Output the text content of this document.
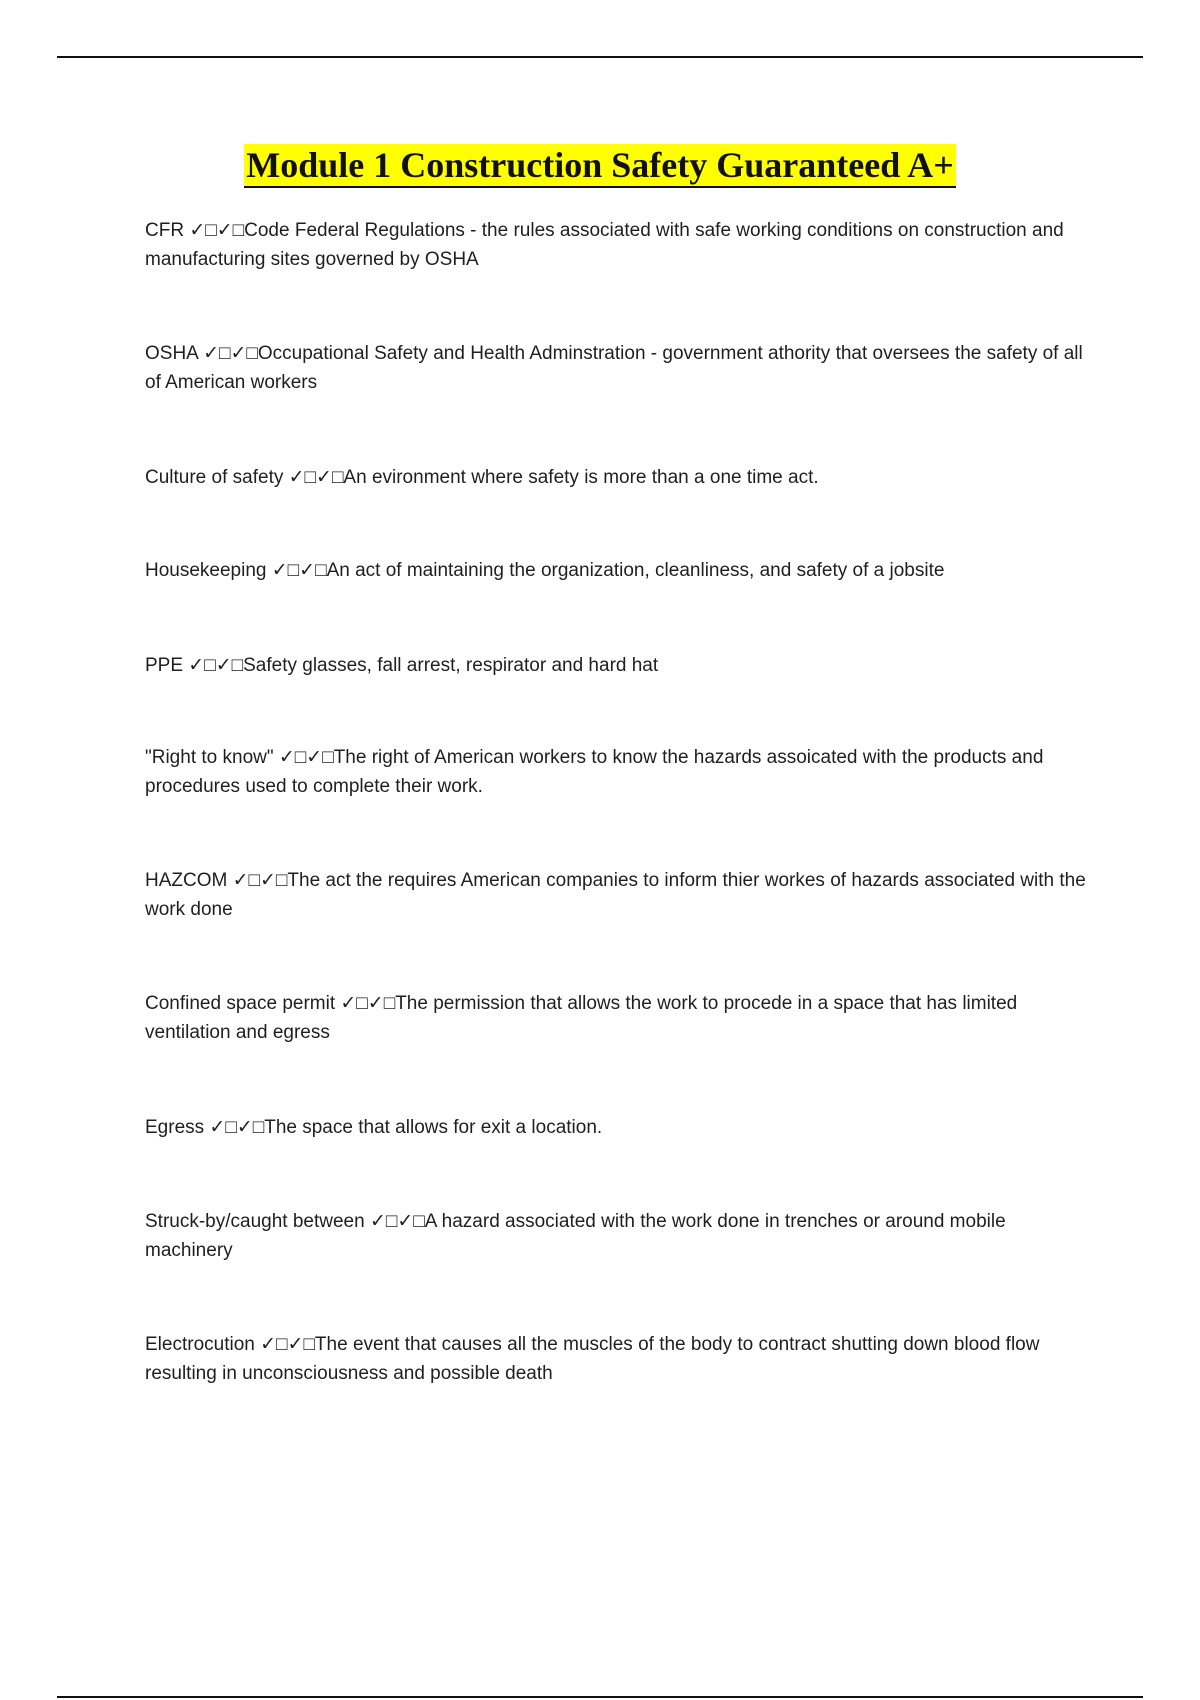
Module 1 Construction Safety Guaranteed A+
CFR ✓□✓□Code Federal Regulations - the rules associated with safe working conditions on construction and manufacturing sites governed by OSHA
OSHA ✓□✓□Occupational Safety and Health Adminstration - government athority that oversees the safety of all of American workers
Culture of safety ✓□✓□An evironment where safety is more than a one time act.
Housekeeping ✓□✓□An act of maintaining the organization, cleanliness, and safety of a jobsite
PPE ✓□✓□Safety glasses, fall arrest, respirator and hard hat
"Right to know" ✓□✓□The right of American workers to know the hazards assoicated with the products and procedures used to complete their work.
HAZCOM ✓□✓□The act the requires American companies to inform thier workes of hazards associated with the work done
Confined space permit ✓□✓□The permission that allows the work to procede in a space that has limited ventilation and egress
Egress ✓□✓□The space that allows for exit a location.
Struck-by/caught between ✓□✓□A hazard associated with the work done in trenches or around mobile machinery
Electrocution ✓□✓□The event that causes all the muscles of the body to contract shutting down blood flow resulting in unconsciousness and possible death
